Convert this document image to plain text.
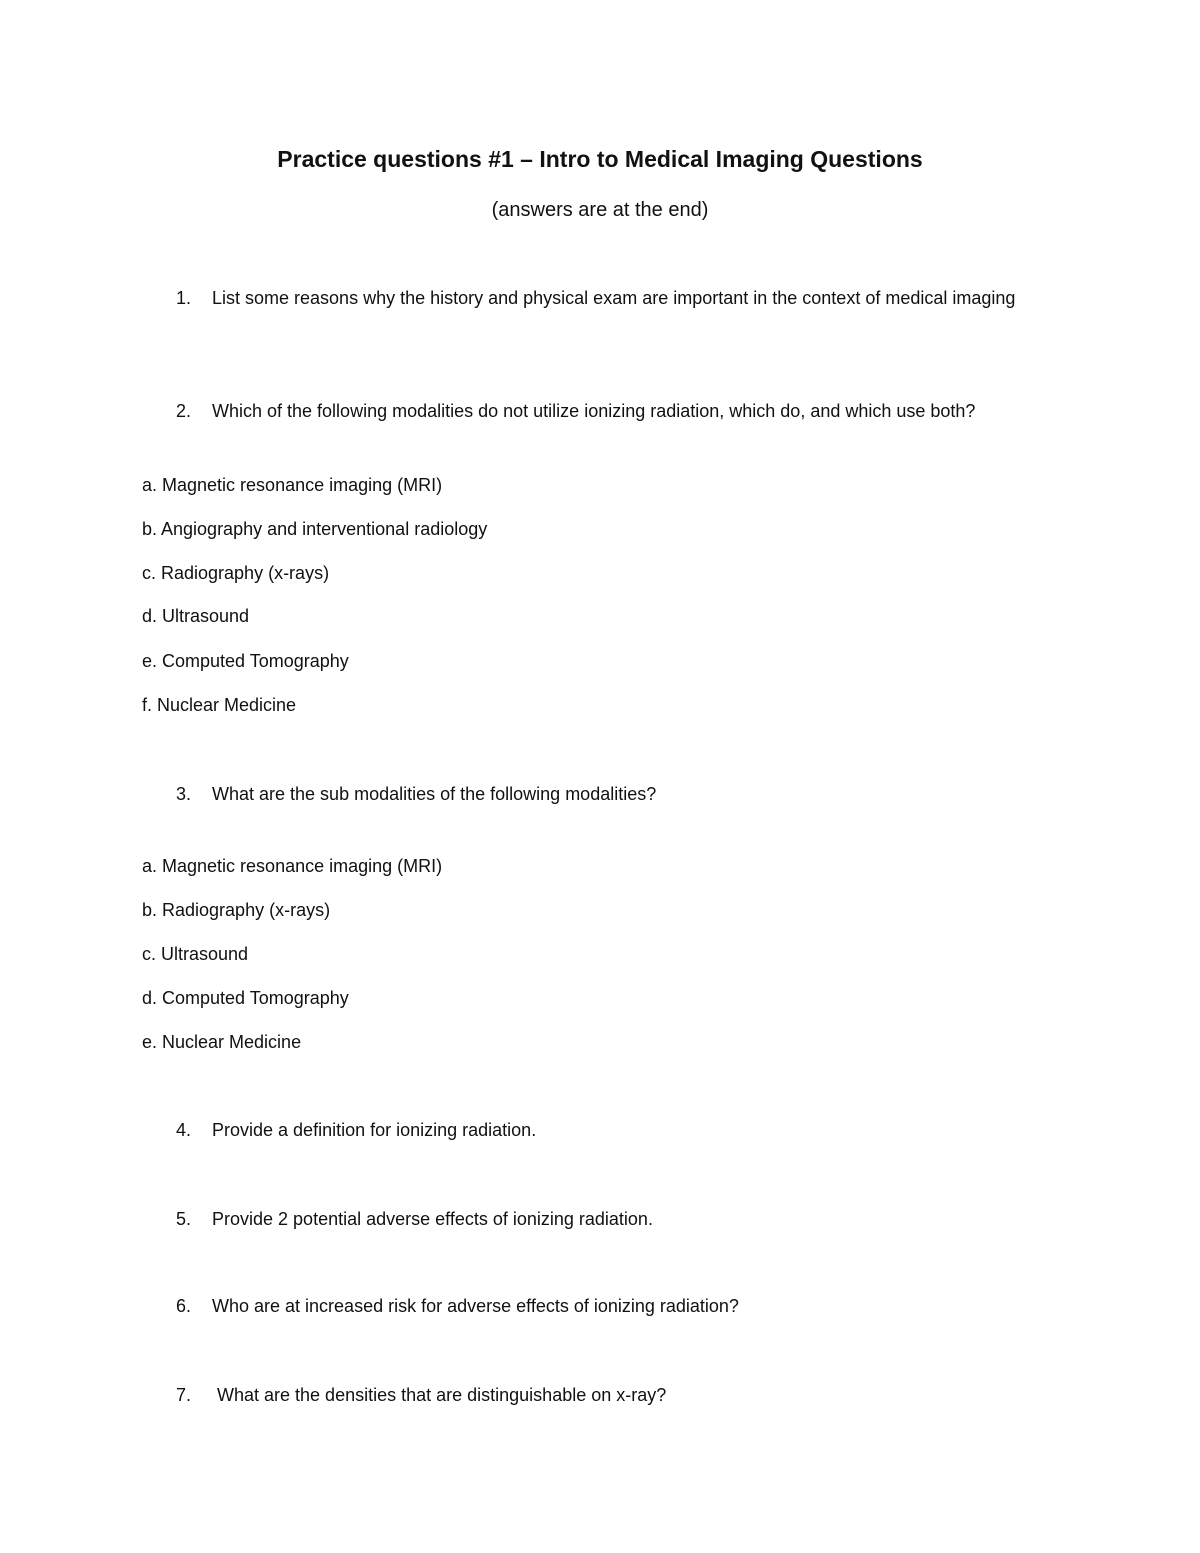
Practice questions #1 – Intro to Medical Imaging Questions

(answers are at the end)

1.	List some reasons why the history and physical exam are important in the context of medical imaging
2.	Which of the following modalities do not utilize ionizing radiation, which do, and which use both?
a. Magnetic resonance imaging (MRI)
b. Angiography and interventional radiology
c. Radiography (x-rays)
d. Ultrasound
e. Computed Tomography
f. Nuclear Medicine
3.	What are the sub modalities of the following modalities?
a. Magnetic resonance imaging (MRI)
b. Radiography (x-rays)
c. Ultrasound
d. Computed Tomography
e. Nuclear Medicine
4.	Provide a definition for ionizing radiation.
5.	Provide 2 potential adverse effects of ionizing radiation.
6.	Who are at increased risk for adverse effects of ionizing radiation?
7.	What are the densities that are distinguishable on x-ray?
